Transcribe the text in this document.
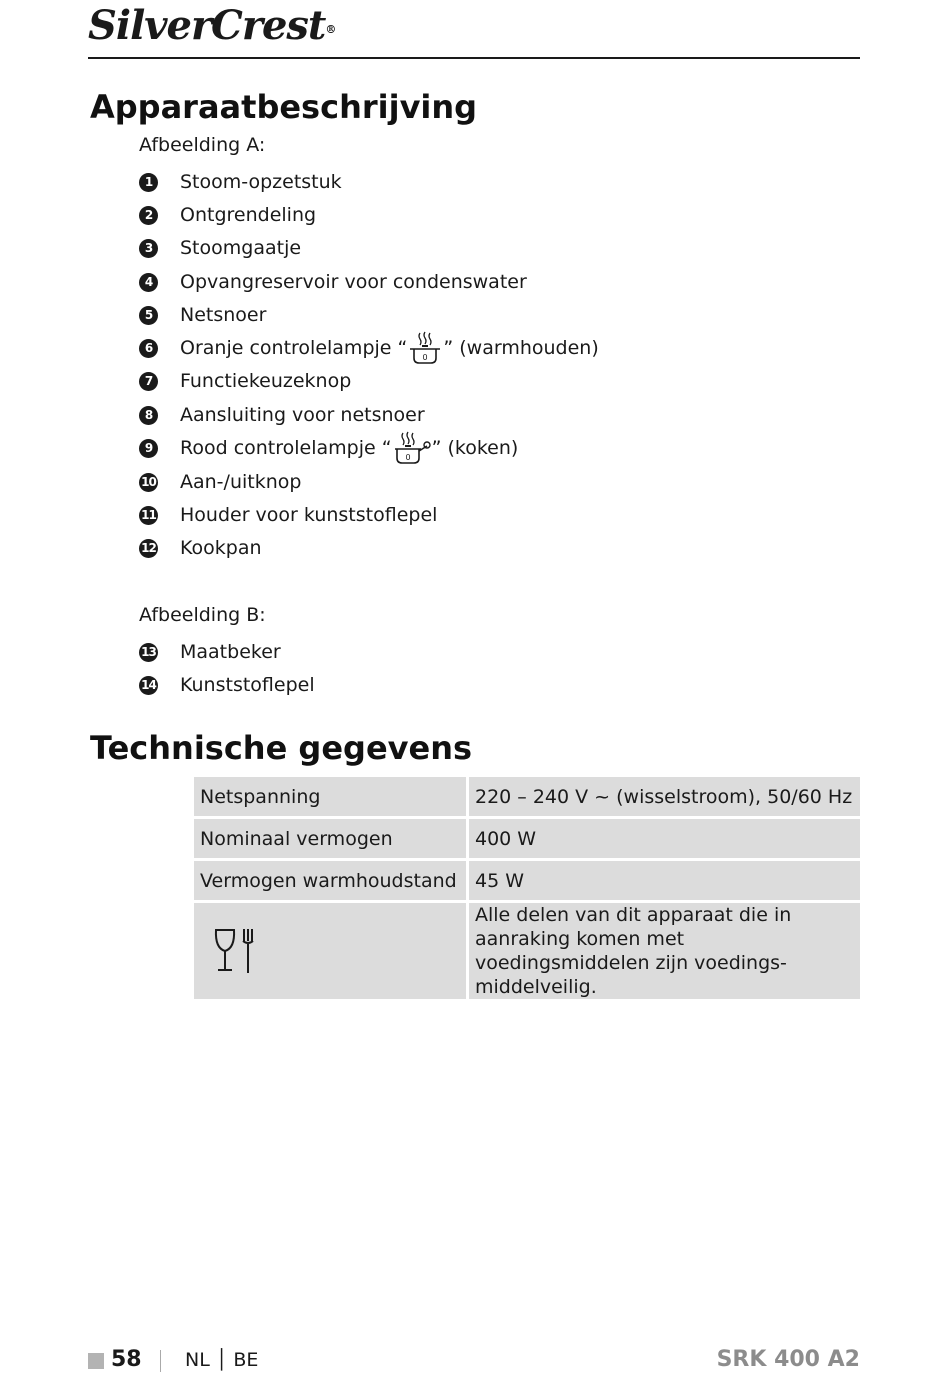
SilverCrest®
Apparaatbeschrijving
Afbeelding A:
1	Stoom-opzetstuk
2	Ontgrendeling
3	Stoomgaatje
4	Opvangreservoir voor condenswater
5	Netsnoer
6	Oranje controlelampje “ 0 ” (warmhouden)
7	Functiekeuzeknop
8	Aansluiting voor netsnoer
9	Rood controlelampje “ 0 ” (koken)
10 Aan-/uitknop
11 Houder voor kunststoflepel
12 Kookpan
Afbeelding B:
13 Maatbeker
14 Kunststoflepel
Technische gegevens
Netspanning	220 – 240 V ~ (wisselstroom), 50/60 Hz
Nominaal vermogen	400 W
Vermogen warmhoudstand	45 W

	Alle delen van dit apparaat die in aanraking komen met voedingsmiddelen zijn voedings-middelveilig.
58 NL │ BE	SRK 400 A2
